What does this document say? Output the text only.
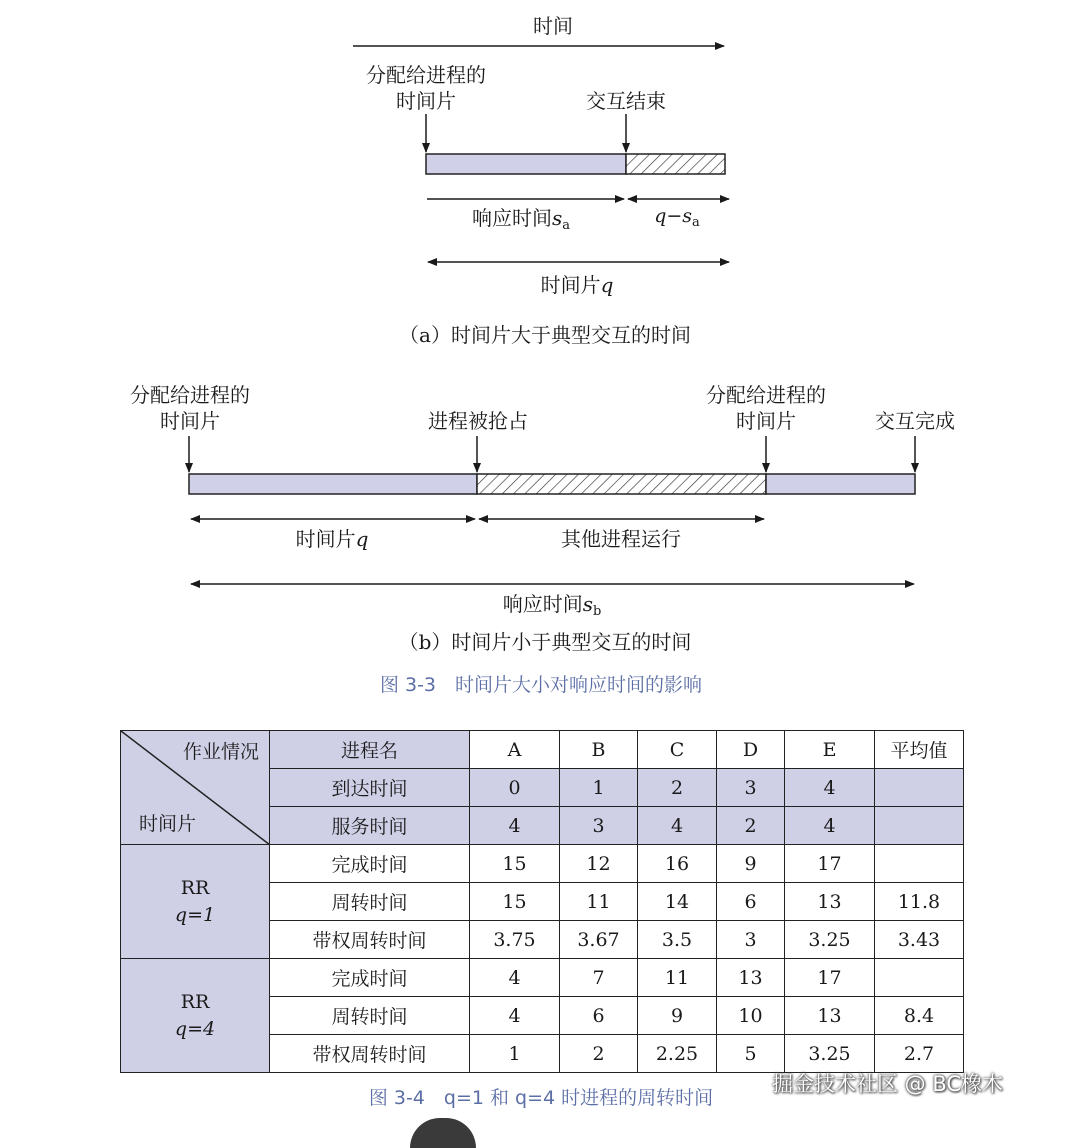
时间
分配给进程的
时间片	交互结束
响应时间$s_a$	$q-s_a$
时间片q
（a）时间片大于典型交互的时间
分配给进程的
时间片	进程被抢占
分配给进程的
时间片	交互完成
时间片q	其他进程运行
响应时间$s_b$
（b）时间片小于典型交互的时间
图 3-3　时间片大小对响应时间的影响
作业情况
时间片	进程名	A	B	C	D	E	平均值
	到达时间	0	1	2	3	4	
	服务时间	4	3	4	2	4	
RR
q=1	完成时间	15	12	16	9	17	
	周转时间	15	11	14	6	13	11.8
	带权周转时间	3.75	3.67	3.5	3	3.25	3.43
RR
q=4	完成时间	4	7	11	13	17	
	周转时间	4	6	9	10	13	8.4
	带权周转时间	1	2	2.25	5	3.25	2.7
图 3-4　q=1 和 q=4 时进程的周转时间
掘金技术社区 @ BC橡木
